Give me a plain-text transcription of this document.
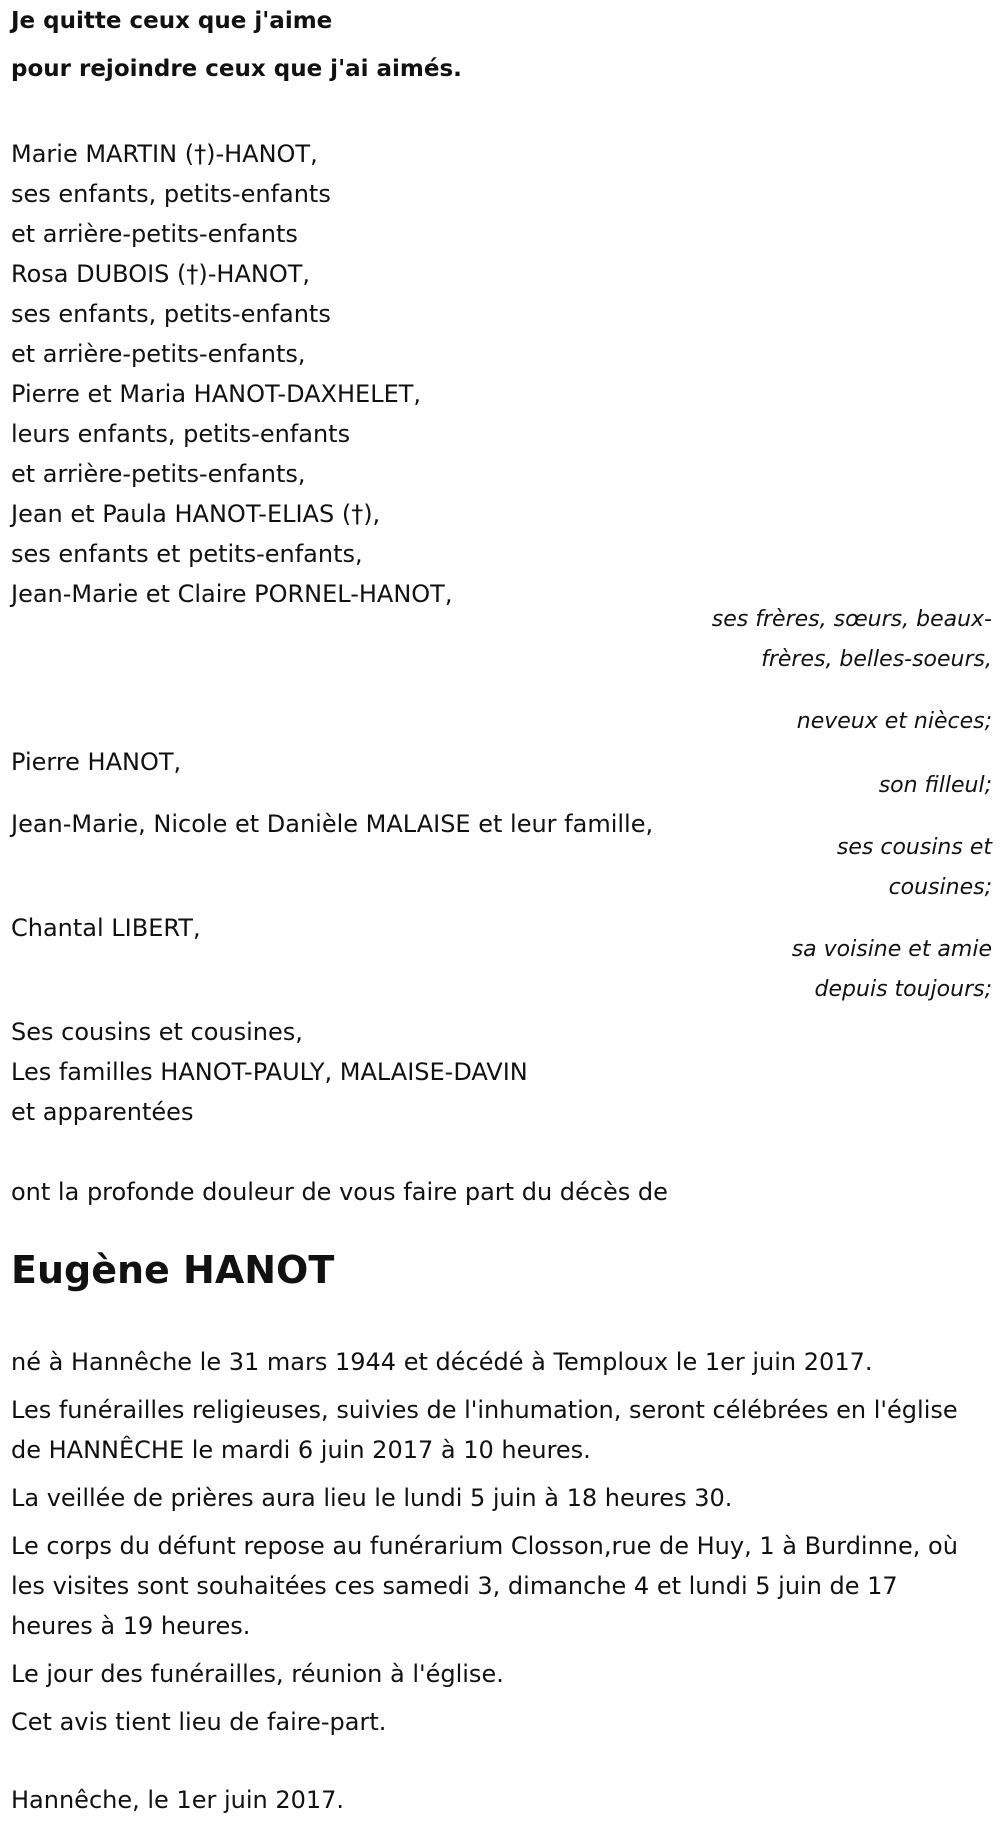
Je quitte ceux que j'aime
pour rejoindre ceux que j'ai aimés.
Marie MARTIN (†)-HANOT,
ses enfants, petits-enfants
et arrière-petits-enfants
Rosa DUBOIS (†)-HANOT,
ses enfants, petits-enfants
et arrière-petits-enfants,
Pierre et Maria HANOT-DAXHELET,
leurs enfants, petits-enfants
et arrière-petits-enfants,
Jean et Paula HANOT-ELIAS (†),
ses enfants et petits-enfants,
Jean-Marie et Claire PORNEL-HANOT,
ses frères, sœurs, beaux-frères, belles-soeurs,
neveux et nièces;
Pierre HANOT,
son filleul;
Jean-Marie, Nicole et Danièle MALAISE et leur famille,
ses cousins et cousines;
Chantal LIBERT,
sa voisine et amie depuis toujours;
Ses cousins et cousines,
Les familles HANOT-PAULY, MALAISE-DAVIN
et apparentées
ont la profonde douleur de vous faire part du décès de
Eugène HANOT
né à Hannêche le 31 mars 1944 et décédé à Temploux le 1er juin 2017.
Les funérailles religieuses, suivies de l'inhumation, seront célébrées en l'église de HANNÊCHE le mardi 6 juin 2017 à 10 heures.
La veillée de prières aura lieu le lundi 5 juin à 18 heures 30.
Le corps du défunt repose au funérarium Closson,rue de Huy, 1 à Burdinne, où les visites sont souhaitées ces samedi 3, dimanche 4 et lundi 5 juin de 17 heures à 19 heures.
Le jour des funérailles, réunion à l'église.
Cet avis tient lieu de faire-part.
Hannêche, le 1er juin 2017.
